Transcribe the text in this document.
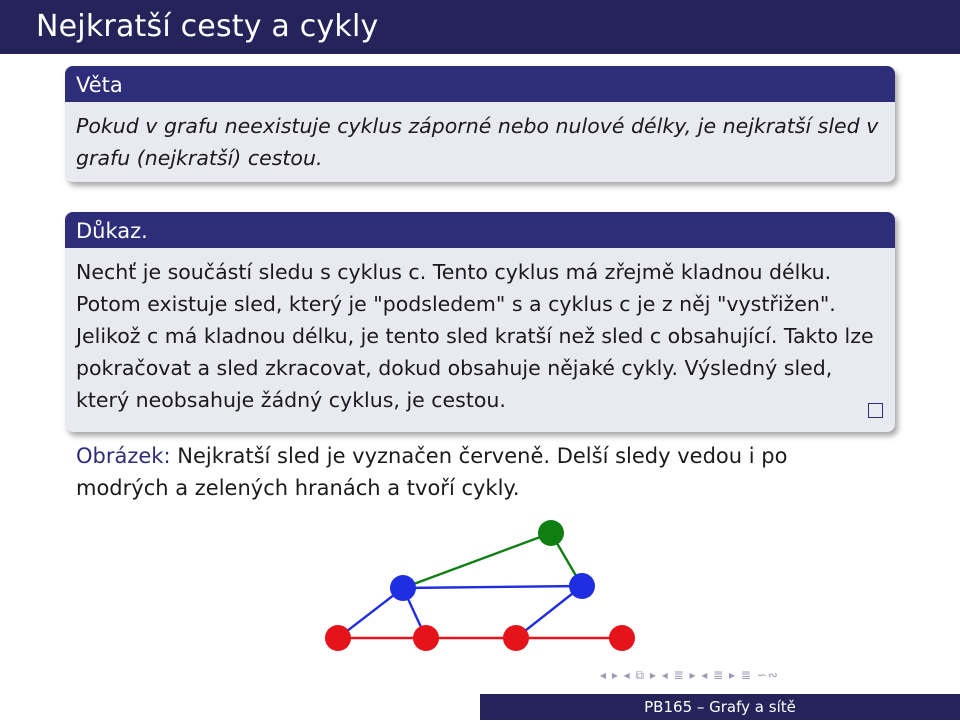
Nejkratší cesty a cykly
Věta
Pokud v grafu neexistuje cyklus záporné nebo nulové délky, je nejkratší sled v grafu (nejkratší) cestou.
Důkaz.
Nechť je součástí sledu s cyklus c. Tento cyklus má zřejmě kladnou délku. Potom existuje sled, který je "podsledem" s a cyklus c je z něj "vystřižen". Jelikož c má kladnou délku, je tento sled kratší než sled c obsahující. Takto lze pokračovat a sled zkracovat, dokud obsahuje nějaké cykly. Výsledný sled, který neobsahuje žádný cyklus, je cestou.
Obrázek: Nejkratší sled je vyznačen červeně. Delší sledy vedou i po modrých a zelených hranách a tvoří cykly.
◂ ▸ ◂ ⧉ ▸ ◂ ≣ ▸ ◂ ≣ ▸ ≣ ∽∾
PB165 – Grafy a sítě
